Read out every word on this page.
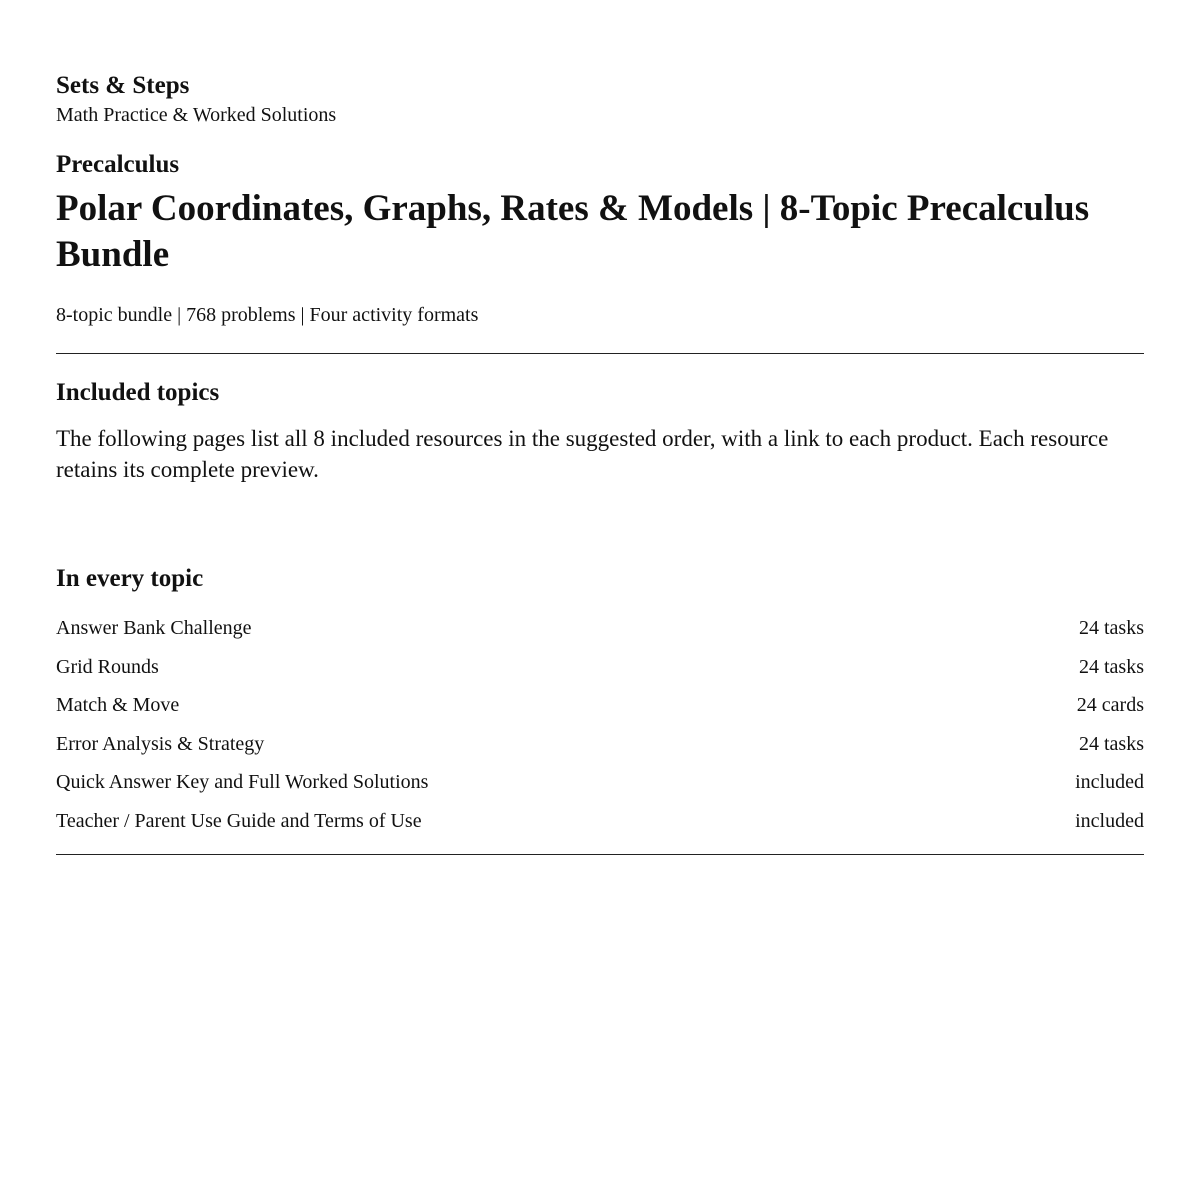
Sets & Steps
Math Practice & Worked Solutions
Precalculus
Polar Coordinates, Graphs, Rates & Models | 8-Topic Precalculus Bundle
8-topic bundle | 768 problems | Four activity formats
Included topics

The following pages list all 8 included resources in the suggested order, with a link to each product. Each resource retains its complete preview.

In every topic
Answer Bank Challenge	24 tasks
Grid Rounds	24 tasks
Match & Move	24 cards
Error Analysis & Strategy	24 tasks
Quick Answer Key and Full Worked Solutions	included
Teacher / Parent Use Guide and Terms of Use	included
